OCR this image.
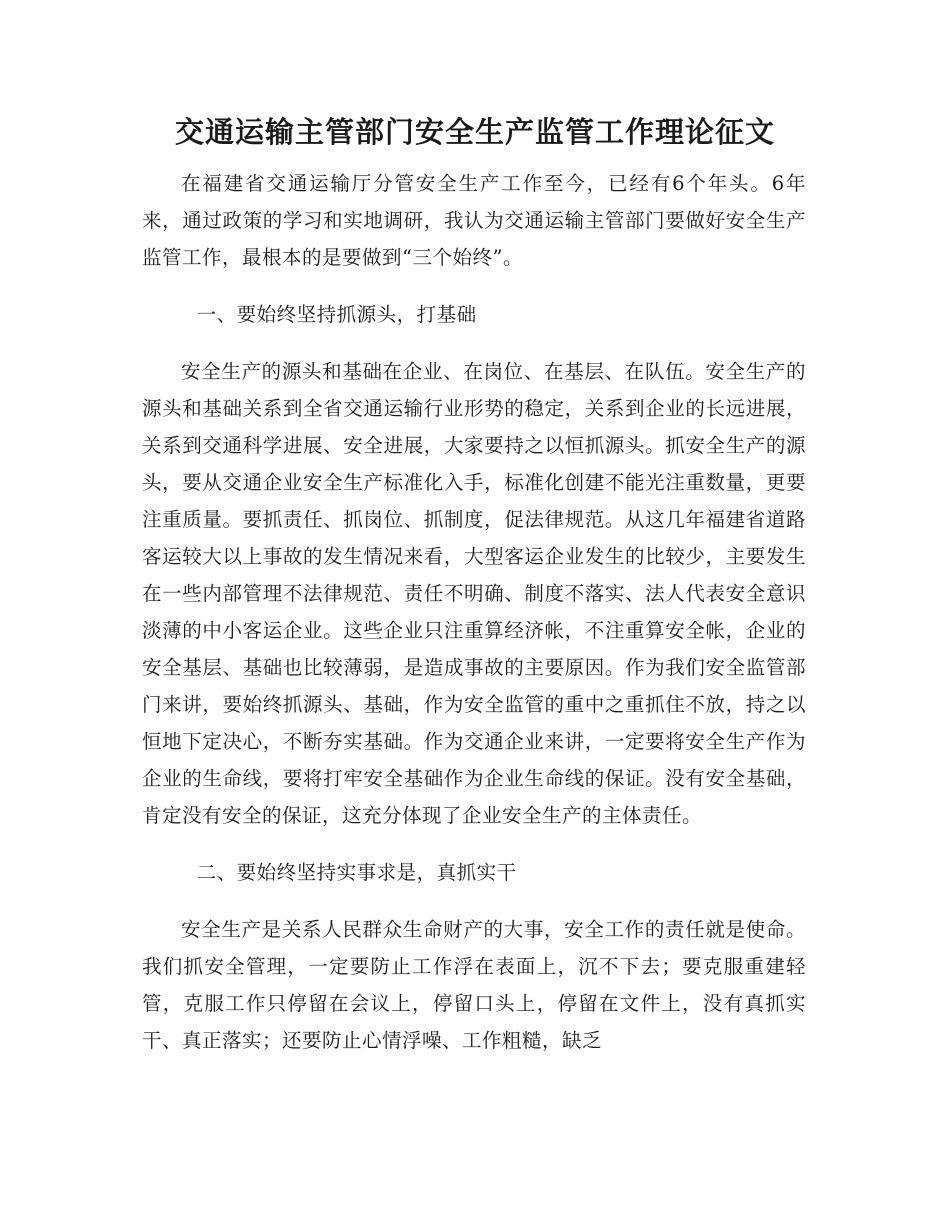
交通运输主管部门安全生产监管工作理论征文

在福建省交通运输厅分管安全生产工作至今，已经有6个年头。6年来，通过政策的学习和实地调研，我认为交通运输主管部门要做好安全生产监管工作，最根本的是要做到“三个始终”。

一、要始终坚持抓源头，打基础

安全生产的源头和基础在企业、在岗位、在基层、在队伍。安全生产的源头和基础关系到全省交通运输行业形势的稳定，关系到企业的长远进展，关系到交通科学进展、安全进展，大家要持之以恒抓源头。抓安全生产的源头，要从交通企业安全生产标准化入手，标准化创建不能光注重数量，更要注重质量。要抓责任、抓岗位、抓制度，促法律规范。从这几年福建省道路客运较大以上事故的发生情况来看，大型客运企业发生的比较少，主要发生在一些内部管理不法律规范、责任不明确、制度不落实、法人代表安全意识淡薄的中小客运企业。这些企业只注重算经济帐，不注重算安全帐，企业的安全基层、基础也比较薄弱，是造成事故的主要原因。作为我们安全监管部门来讲，要始终抓源头、基础，作为安全监管的重中之重抓住不放，持之以恒地下定决心，不断夯实基础。作为交通企业来讲，一定要将安全生产作为企业的生命线，要将打牢安全基础作为企业生命线的保证。没有安全基础，肯定没有安全的保证，这充分体现了企业安全生产的主体责任。

二、要始终坚持实事求是，真抓实干

安全生产是关系人民群众生命财产的大事，安全工作的责任就是使命。我们抓安全管理，一定要防止工作浮在表面上，沉不下去；要克服重建轻管，克服工作只停留在会议上，停留口头上，停留在文件上，没有真抓实干、真正落实；还要防止心情浮噪、工作粗糙，缺乏
